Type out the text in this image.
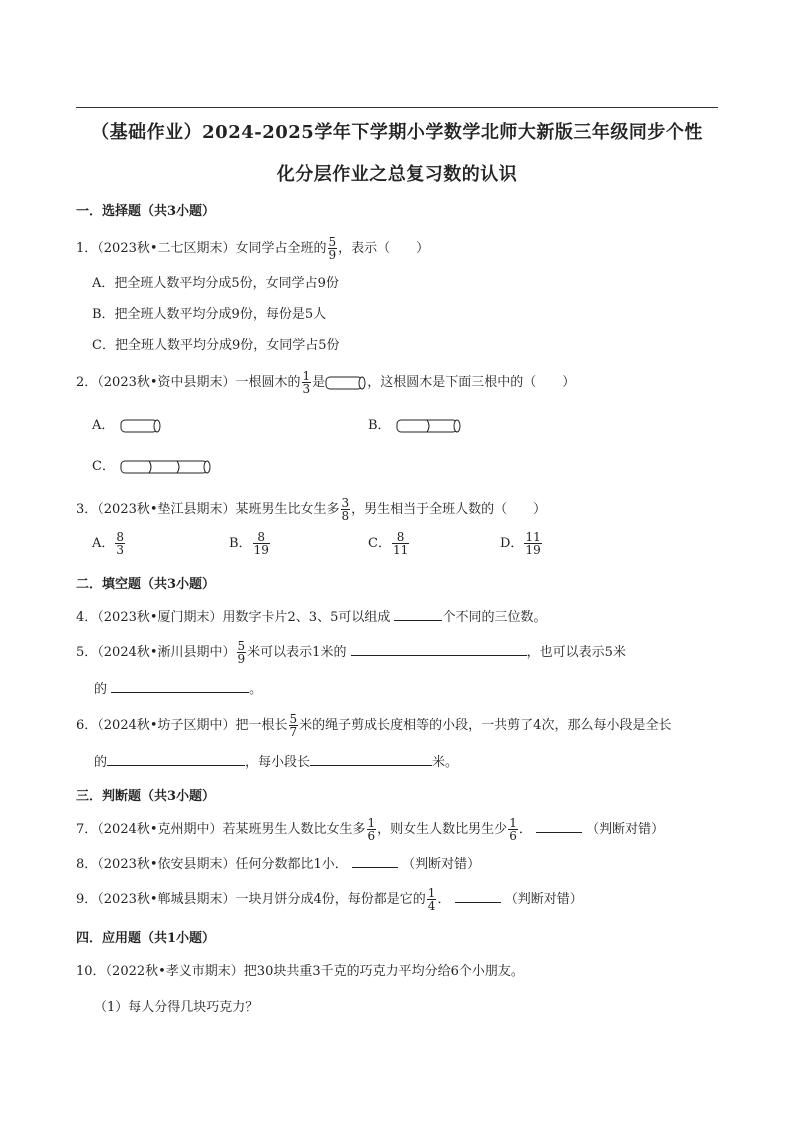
（基础作业）2024-2025学年下学期小学数学北师大新版三年级同步个性
化分层作业之总复习数的认识
一．选择题（共3小题）
1．（2023秋•二七区期末）女同学占全班的 $\frac{5}{9}$ ，表示（　　）
A．把全班人数平均分成5份，女同学占9份
B．把全班人数平均分成9份，每份是5人
C．把全班人数平均分成9份，女同学占5份
2．（2023秋•资中县期末）一根圆木的 $\frac{1}{3}$ 是	，这根圆木是下面三根中的（　　）
A．	B．
C．
3．（2023秋•垫江县期末）某班男生比女生多 $\frac{3}{8}$ ，男生相当于全班人数的（　　）
A． $\frac{8}{3}$	B． $\frac{8}{19}$	C． $\frac{8}{11}$	D． $\frac{11}{19}$
二．填空题（共3小题）
4．（2023秋•厦门期末）用数字卡片2、3、5可以组成	个不同的三位数。
5．（2024秋•淅川县期中） $\frac{5}{9}$ 米可以表示1米的	，也可以表示5米
的	。
6．（2024秋•坊子区期中）把一根长 $\frac{5}{7}$ 米的绳子剪成长度相等的小段，一共剪了4次，那么每小段是全长
的	，每小段长	米。
三．判断题（共3小题）
7．（2024秋•克州期中）若某班男生人数比女生多 $\frac{1}{6}$ ，则女生人数比男生少 $\frac{1}{6}$ ．	（判断对错）
8．（2023秋•依安县期末）任何分数都比1小．	（判断对错）
9．（2023秋•郸城县期末）一块月饼分成4份，每份都是它的 $\frac{1}{4}$ ．	（判断对错）
四．应用题（共1小题）
10．（2022秋•孝义市期末）把30块共重3千克的巧克力平均分给6个小朋友。
（1）每人分得几块巧克力？
